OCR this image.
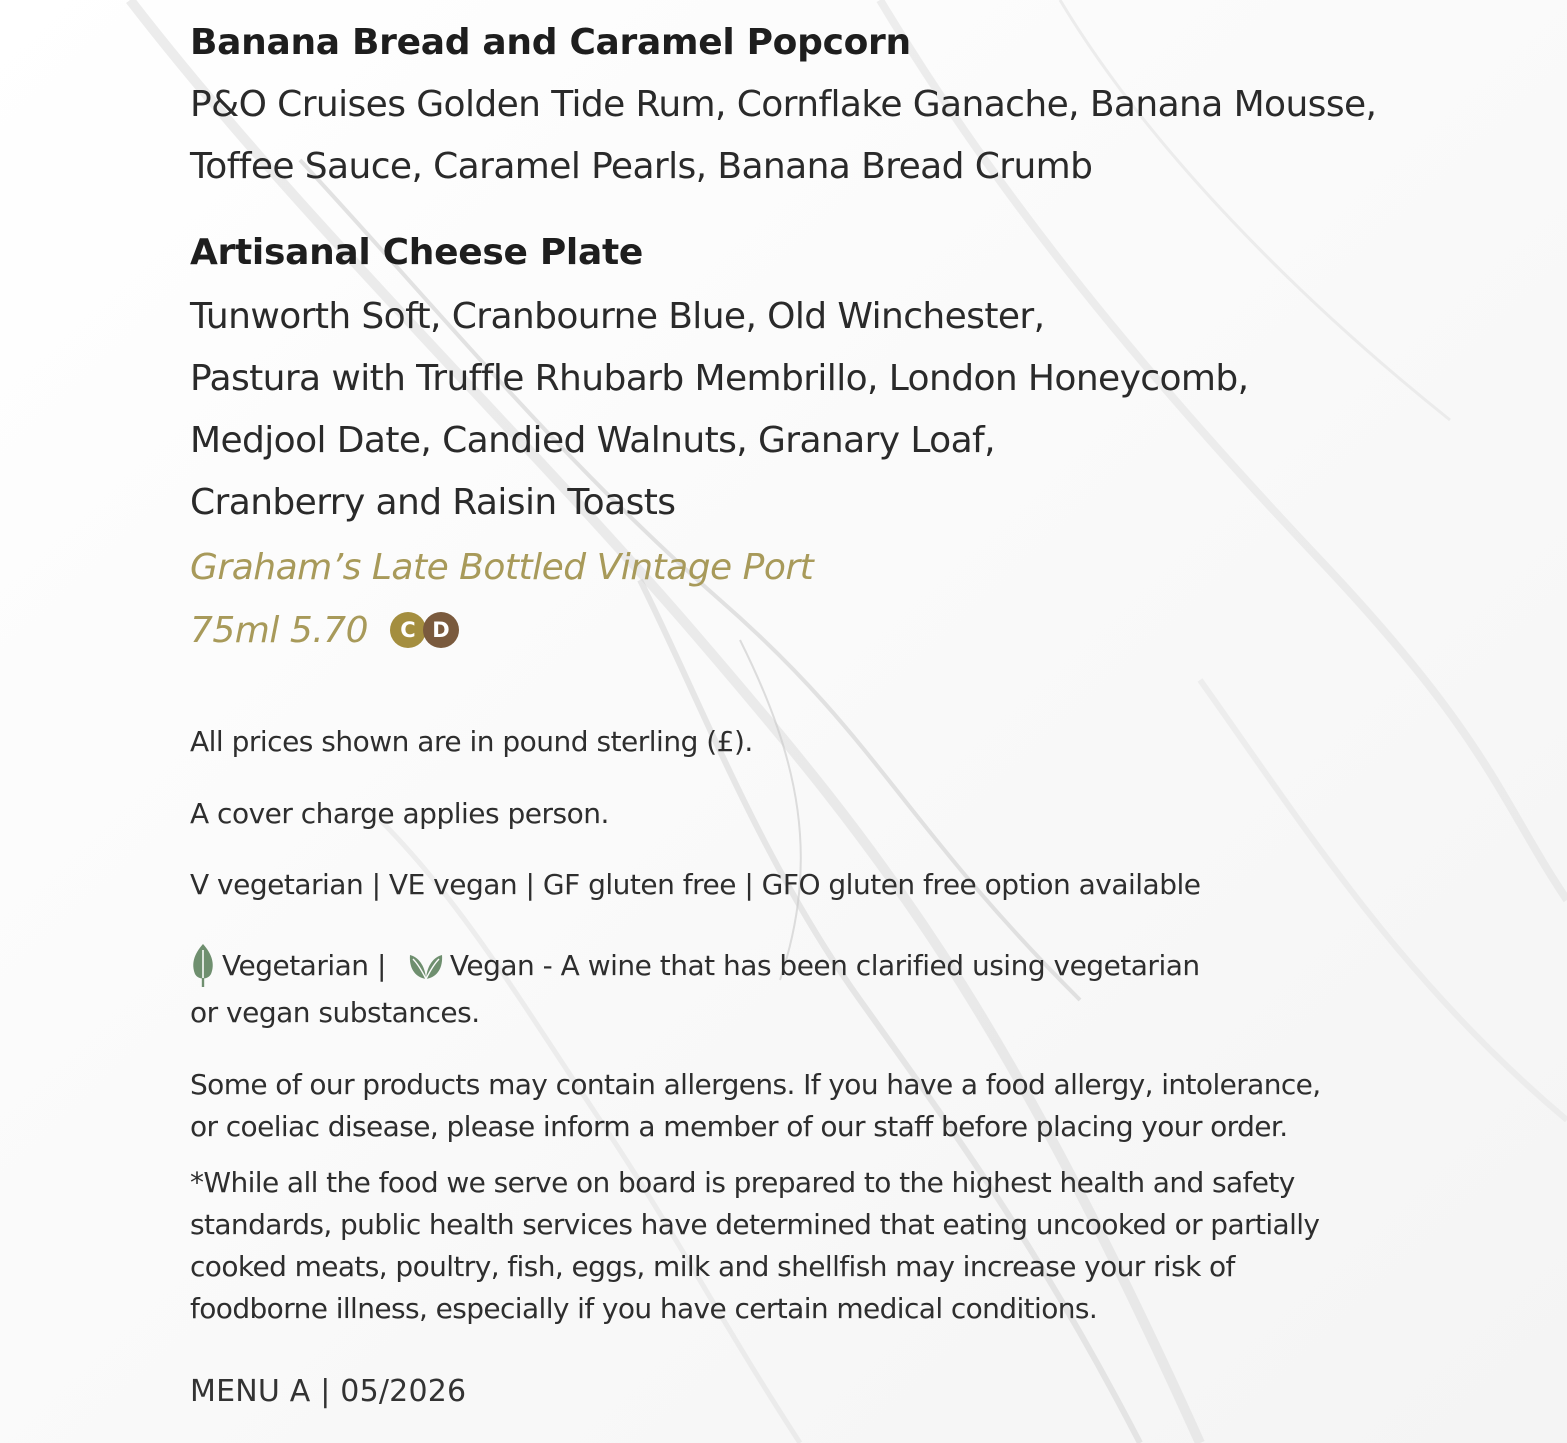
Banana Bread and Caramel Popcorn
P&O Cruises Golden Tide Rum, Cornflake Ganache, Banana Mousse,
Toffee Sauce, Caramel Pearls, Banana Bread Crumb
Artisanal Cheese Plate
Tunworth Soft, Cranbourne Blue, Old Winchester,
Pastura with Truffle Rhubarb Membrillo, London Honeycomb,
Medjool Date, Candied Walnuts, Granary Loaf,
Cranberry and Raisin Toasts
Graham’s Late Bottled Vintage Port
75ml 5.70	C D
All prices shown are in pound sterling (£).
A cover charge applies person.
V vegetarian | VE vegan | GF gluten free | GFO gluten free option available
Vegetarian | Vegan - A wine that has been clarified using vegetarian
or vegan substances.
Some of our products may contain allergens. If you have a food allergy, intolerance,
or coeliac disease, please inform a member of our staff before placing your order.
*While all the food we serve on board is prepared to the highest health and safety
standards, public health services have determined that eating uncooked or partially
cooked meats, poultry, fish, eggs, milk and shellfish may increase your risk of
foodborne illness, especially if you have certain medical conditions.
MENU A | 05/2026
